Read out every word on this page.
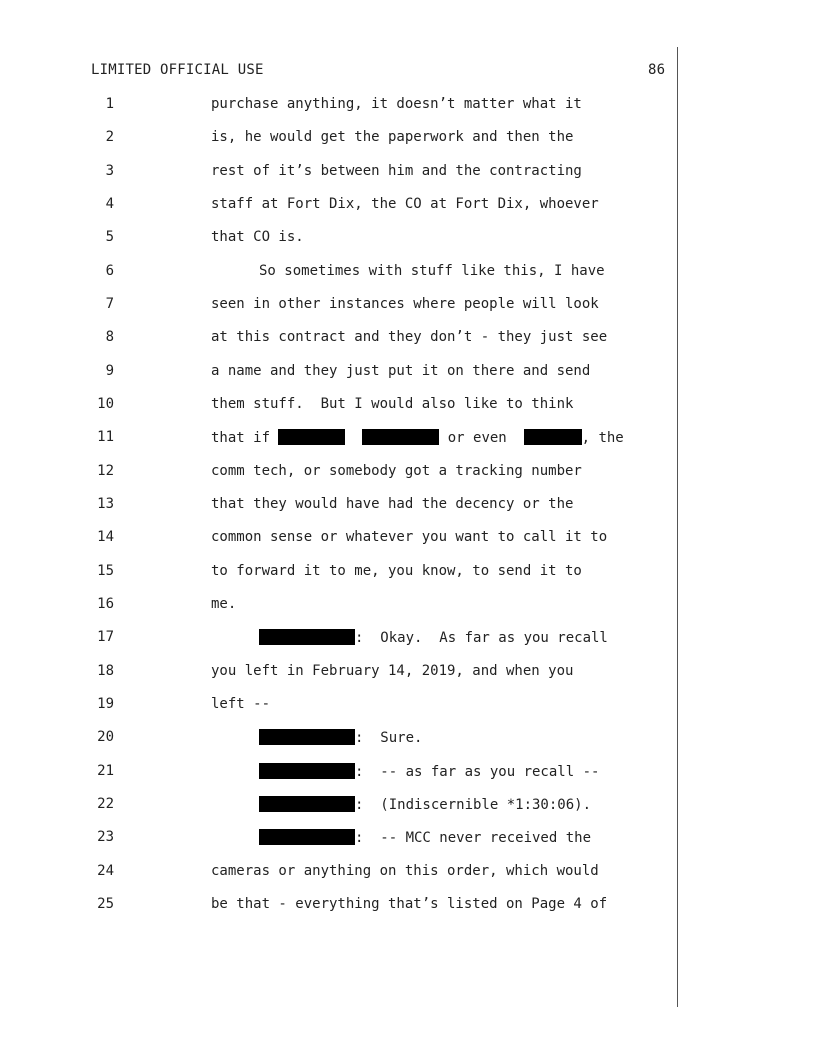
LIMITED OFFICIAL USE	86
1	purchase anything, it doesn’t matter what it
2	is, he would get the paperwork and then the
3	rest of it’s between him and the contracting
4	staff at Fort Dix, the CO at Fort Dix, whoever
5	that CO is.
6	So sometimes with stuff like this, I have
7	seen in other instances where people will look
8	at this contract and they don’t - they just see
9	a name and they just put it on there and send
10	them stuff.  But I would also like to think
11	that if	or even	, the
12	comm tech, or somebody got a tracking number
13	that they would have had the decency or the
14	common sense or whatever you want to call it to
15	to forward it to me, you know, to send it to
16	me.
17	:  Okay.  As far as you recall
18	you left in February 14, 2019, and when you
19	left --
20	:  Sure.
21	:  -- as far as you recall --
22	:  (Indiscernible *1:30:06).
23	:  -- MCC never received the
24	cameras or anything on this order, which would
25	be that - everything that’s listed on Page 4 of
